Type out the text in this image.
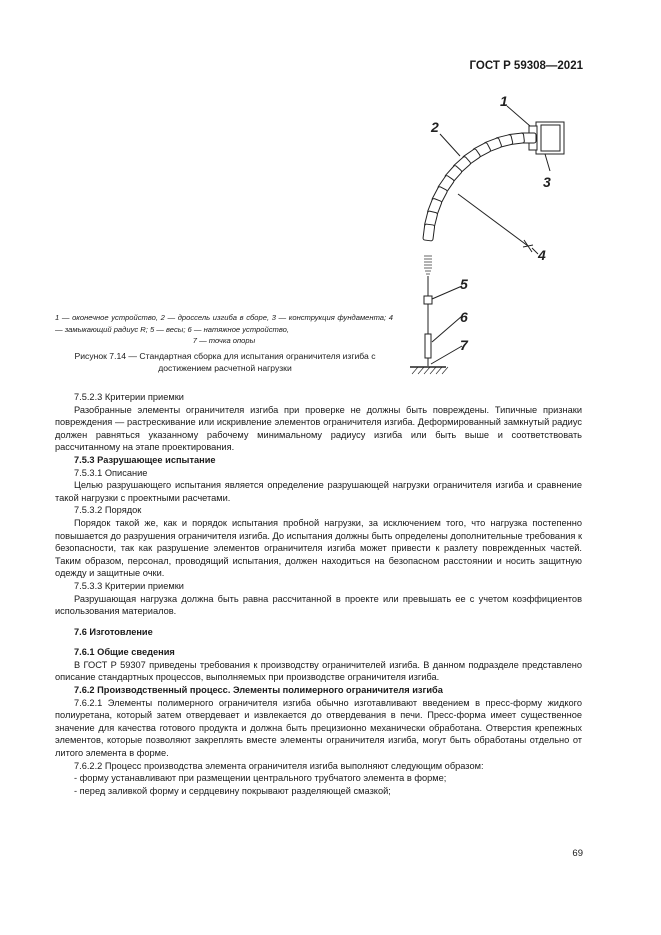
ГОСТ Р 59308—2021
1
2
3
4
5
6
7
1 — оконечное устройство, 2 — дроссель изгиба в сборе, 3 — конструкция фундамента; 4 — замыкающий радиус R; 5 — весы; 6 — натяжное устройство,
7 — точка опоры
Рисунок 7.14 — Стандартная сборка для испытания ограничителя изгиба с достижением расчетной нагрузки

7.5.2.3 Критерии приемки

Разобранные элементы ограничителя изгиба при проверке не должны быть повреждены. Типичные признаки повреждения — растрескивание или искривление элементов ограничителя изгиба. Деформированный замкнутый радиус должен равняться указанному рабочему минимальному радиусу изгиба или быть выше и соответствовать рассчитанному на этапе проектирования.

7.5.3 Разрушающее испытание

7.5.3.1 Описание

Целью разрушающего испытания является определение разрушающей нагрузки ограничителя изгиба и сравнение такой нагрузки с проектными расчетами.

7.5.3.2 Порядок

Порядок такой же, как и порядок испытания пробной нагрузки, за исключением того, что нагрузка постепенно повышается до разрушения ограничителя изгиба. До испытания должны быть определены дополнительные требования к безопасности, так как разрушение элементов ограничителя изгиба может привести к разлету поврежденных частей. Таким образом, персонал, проводящий испытания, должен находиться на безопасном расстоянии и носить защитную одежду и защитные очки.

7.5.3.3 Критерии приемки

Разрушающая нагрузка должна быть равна рассчитанной в проекте или превышать ее с учетом коэффициентов использования материалов.

7.6 Изготовление

7.6.1 Общие сведения

В ГОСТ Р 59307 приведены требования к производству ограничителей изгиба. В данном подразделе представлено описание стандартных процессов, выполняемых при производстве ограничителя изгиба.

7.6.2 Производственный процесс. Элементы полимерного ограничителя изгиба

7.6.2.1 Элементы полимерного ограничителя изгиба обычно изготавливают введением в пресс-форму жидкого полиуретана, который затем отвердевает и извлекается до отвердевания в печи. Пресс-форма имеет существенное значение для качества готового продукта и должна быть прецизионно механически обработана. Отверстия крепежных элементов, которые позволяют закреплять вместе элементы ограничителя изгиба, могут быть обработаны отдельно от литого элемента в форме.

7.6.2.2 Процесс производства элемента ограничителя изгиба выполняют следующим образом:

- форму устанавливают при размещении центрального трубчатого элемента в форме;

- перед заливкой форму и сердцевину покрывают разделяющей смазкой;

69
